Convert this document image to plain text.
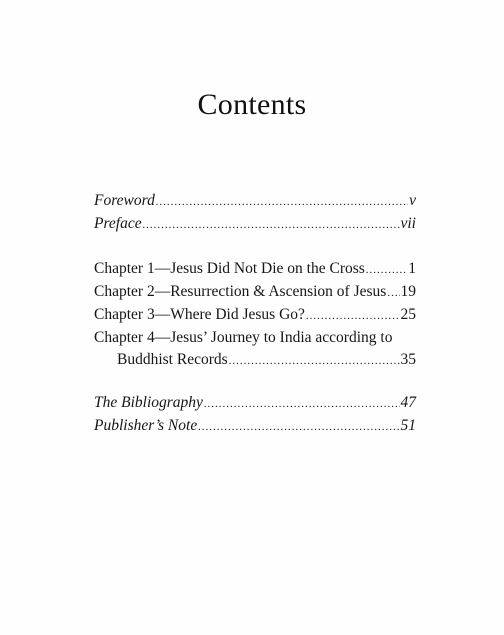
Contents
Foreword .....	v
Preface .....	vii
Chapter 1—Jesus Did Not Die on the Cross .....	1
Chapter 2—Resurrection & Ascension of Jesus ..... 19
Chapter 3—Where Did Jesus Go? .....	25
Chapter 4—Jesus’ Journey to India according to
Buddhist Records .....	35
The Bibliography .....	47
Publisher’s Note .....	51
